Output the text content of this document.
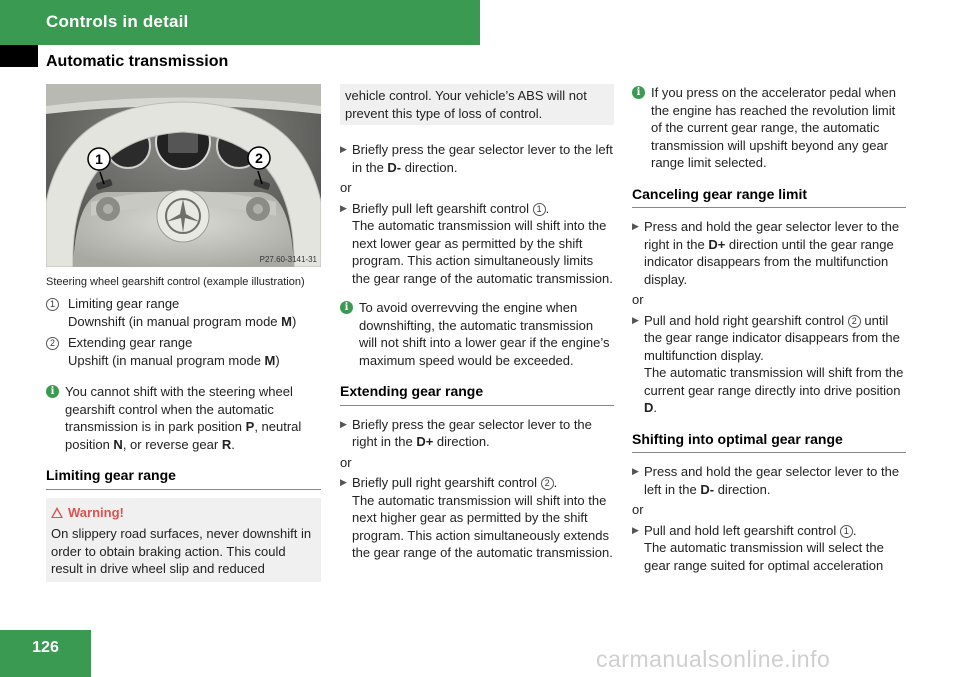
Controls in detail
Automatic transmission
1	2
P27.60-3141-31
Steering wheel gearshift control (example illustration)
1	Limiting gear range
Downshift (in manual program mode M)
2	Extending gear range
Upshift (in manual program mode M)
i You cannot shift with the steering wheel gearshift control when the automatic transmission is in park position P, neutral position N, or reverse gear R.
Limiting gear range
Warning!
On slippery road surfaces, never downshift in order to obtain braking action. This could result in drive wheel slip and reduced
vehicle control. Your vehicle’s ABS will not prevent this type of loss of control.
▶ Briefly press the gear selector lever to the left in the D- direction.
or
▶ Briefly pull left gearshift control 1 .
The automatic transmission will shift into the next lower gear as permitted by the shift program. This action simultaneously limits the gear range of the automatic transmission.
i To avoid overrevving the engine when downshifting, the automatic transmission will not shift into a lower gear if the engine’s maximum speed would be exceeded.
Extending gear range
▶ Briefly press the gear selector lever to the right in the D+ direction.
or
▶ Briefly pull right gearshift control 2 .
The automatic transmission will shift into the next higher gear as permitted by the shift program. This action simultaneously extends the gear range of the automatic transmission.
i If you press on the accelerator pedal when the engine has reached the revolution limit of the current gear range, the automatic transmission will upshift beyond any gear range limit selected.
Canceling gear range limit
▶ Press and hold the gear selector lever to the right in the D+ direction until the gear range indicator disappears from the multifunction display.
or
▶ Pull and hold right gearshift control 2 until the gear range indicator disappears from the multifunction display.
The automatic transmission will shift from the current gear range directly into drive position D.
Shifting into optimal gear range
▶ Press and hold the gear selector lever to the left in the D- direction.
or
▶ Pull and hold left gearshift control 1 .
The automatic transmission will select the gear range suited for optimal acceleration
126	carmanualsonline.info
